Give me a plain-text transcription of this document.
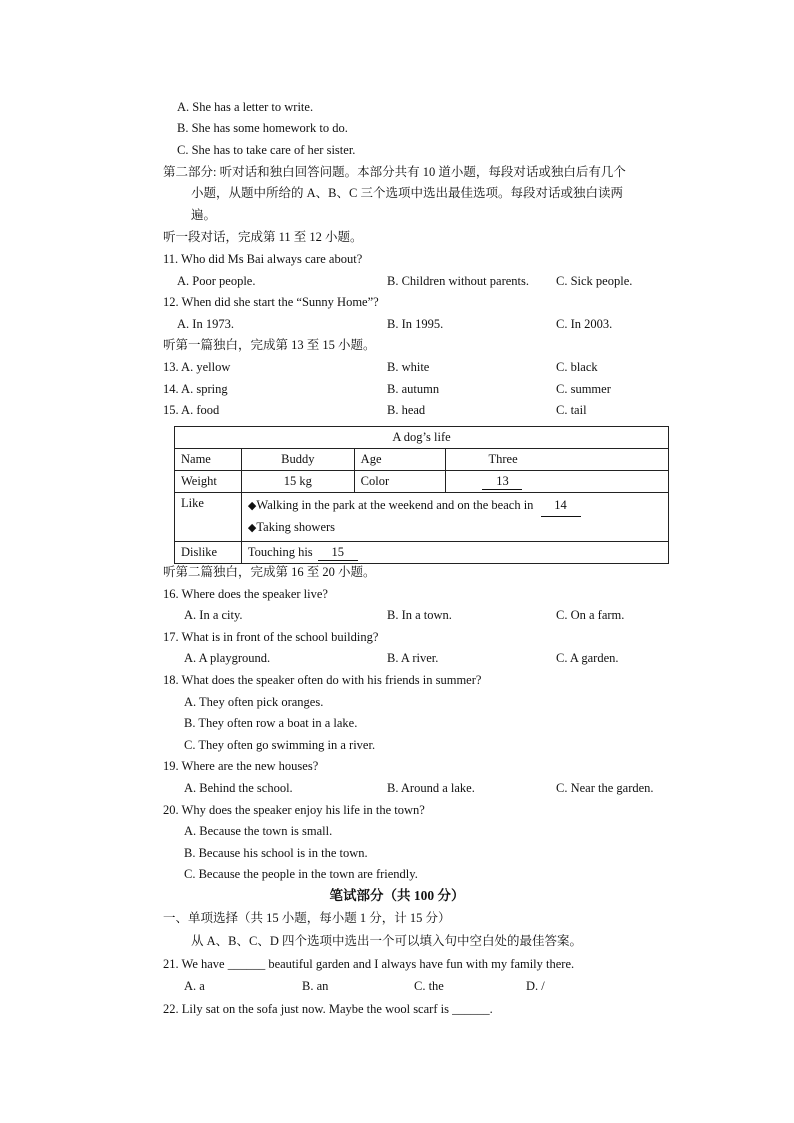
A. She has a letter to write.
B. She has some homework to do.
C. She has to take care of her sister.
第二部分: 听对话和独白回答问题。本部分共有 10 道小题，每段对话或独白后有几个
小题，从题中所给的 A、B、C 三个选项中选出最佳选项。每段对话或独白读两
遍。
听一段对话，完成第 11 至 12 小题。
11. Who did Ms Bai always care about?
A. Poor people.	B. Children without parents. C. Sick people.
12. When did she start the “Sunny Home”?
A. In 1973.	B. In 1995.	C. In 2003.
听第一篇独白，完成第 13 至 15 小题。
13. A. yellow	B. white	C. black
14. A. spring	B. autumn	C. summer
15. A. food	B. head	C. tail
A dog’s life			
Name	Buddy	Age	Three
Weight	15 kg	Color	13
Like	◆Walking in the park at the weekend and on the beach in 14
◆Taking showers		

Dislike	Touching his 15		
听第二篇独白，完成第 16 至 20 小题。
16. Where does the speaker live?
A. In a city.	B. In a town.	C. On a farm.
17. What is in front of the school building?
A. A playground.	B. A river.	C. A garden.
18. What does the speaker often do with his friends in summer?
A. They often pick oranges.
B. They often row a boat in a lake.
C. They often go swimming in a river.
19. Where are the new houses?
A. Behind the school.	B. Around a lake.	C. Near the garden.
20. Why does the speaker enjoy his life in the town?
A. Because the town is small.
B. Because his school is in the town.
C. Because the people in the town are friendly.
笔试部分（共 100 分）
一、单项选择（共 15 小题，每小题 1 分，计 15 分）
从 A、B、C、D 四个选项中选出一个可以填入句中空白处的最佳答案。
21. We have ______ beautiful garden and I always have fun with my family there.
A. a	B. an	C. the	D. /
22. Lily sat on the sofa just now. Maybe the wool scarf is ______.
